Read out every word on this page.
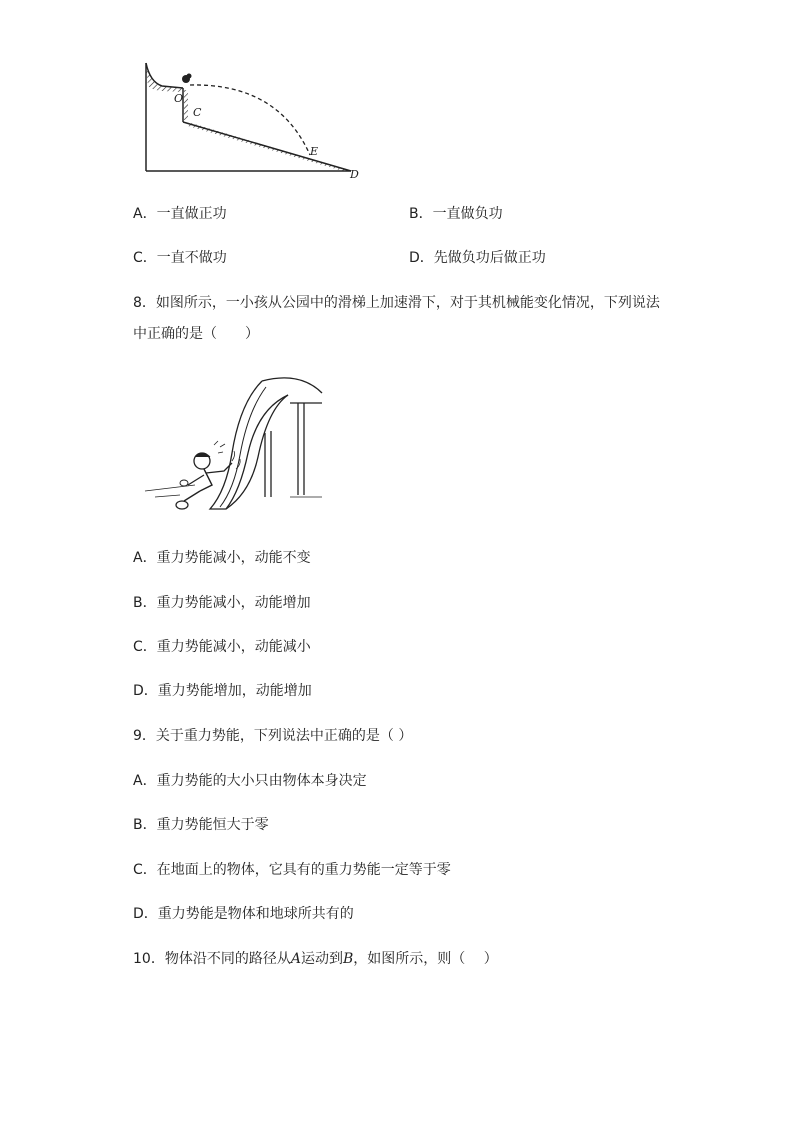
O
C
E
D
A．一直做正功	B．一直做负功
C．一直不做功	D．先做负功后做正功
8．如图所示，一小孩从公园中的滑梯上加速滑下，对于其机械能变化情况，下列说法
中正确的是（　　）
A．重力势能减小，动能不变
B．重力势能减小，动能增加
C．重力势能减小，动能减小
D．重力势能增加，动能增加
9．关于重力势能，下列说法中正确的是（ ）
A．重力势能的大小只由物体本身决定
B．重力势能恒大于零
C．在地面上的物体，它具有的重力势能一定等于零
D．重力势能是物体和地球所共有的
10．物体沿不同的路径从A运动到B，如图所示，则（　 ）
